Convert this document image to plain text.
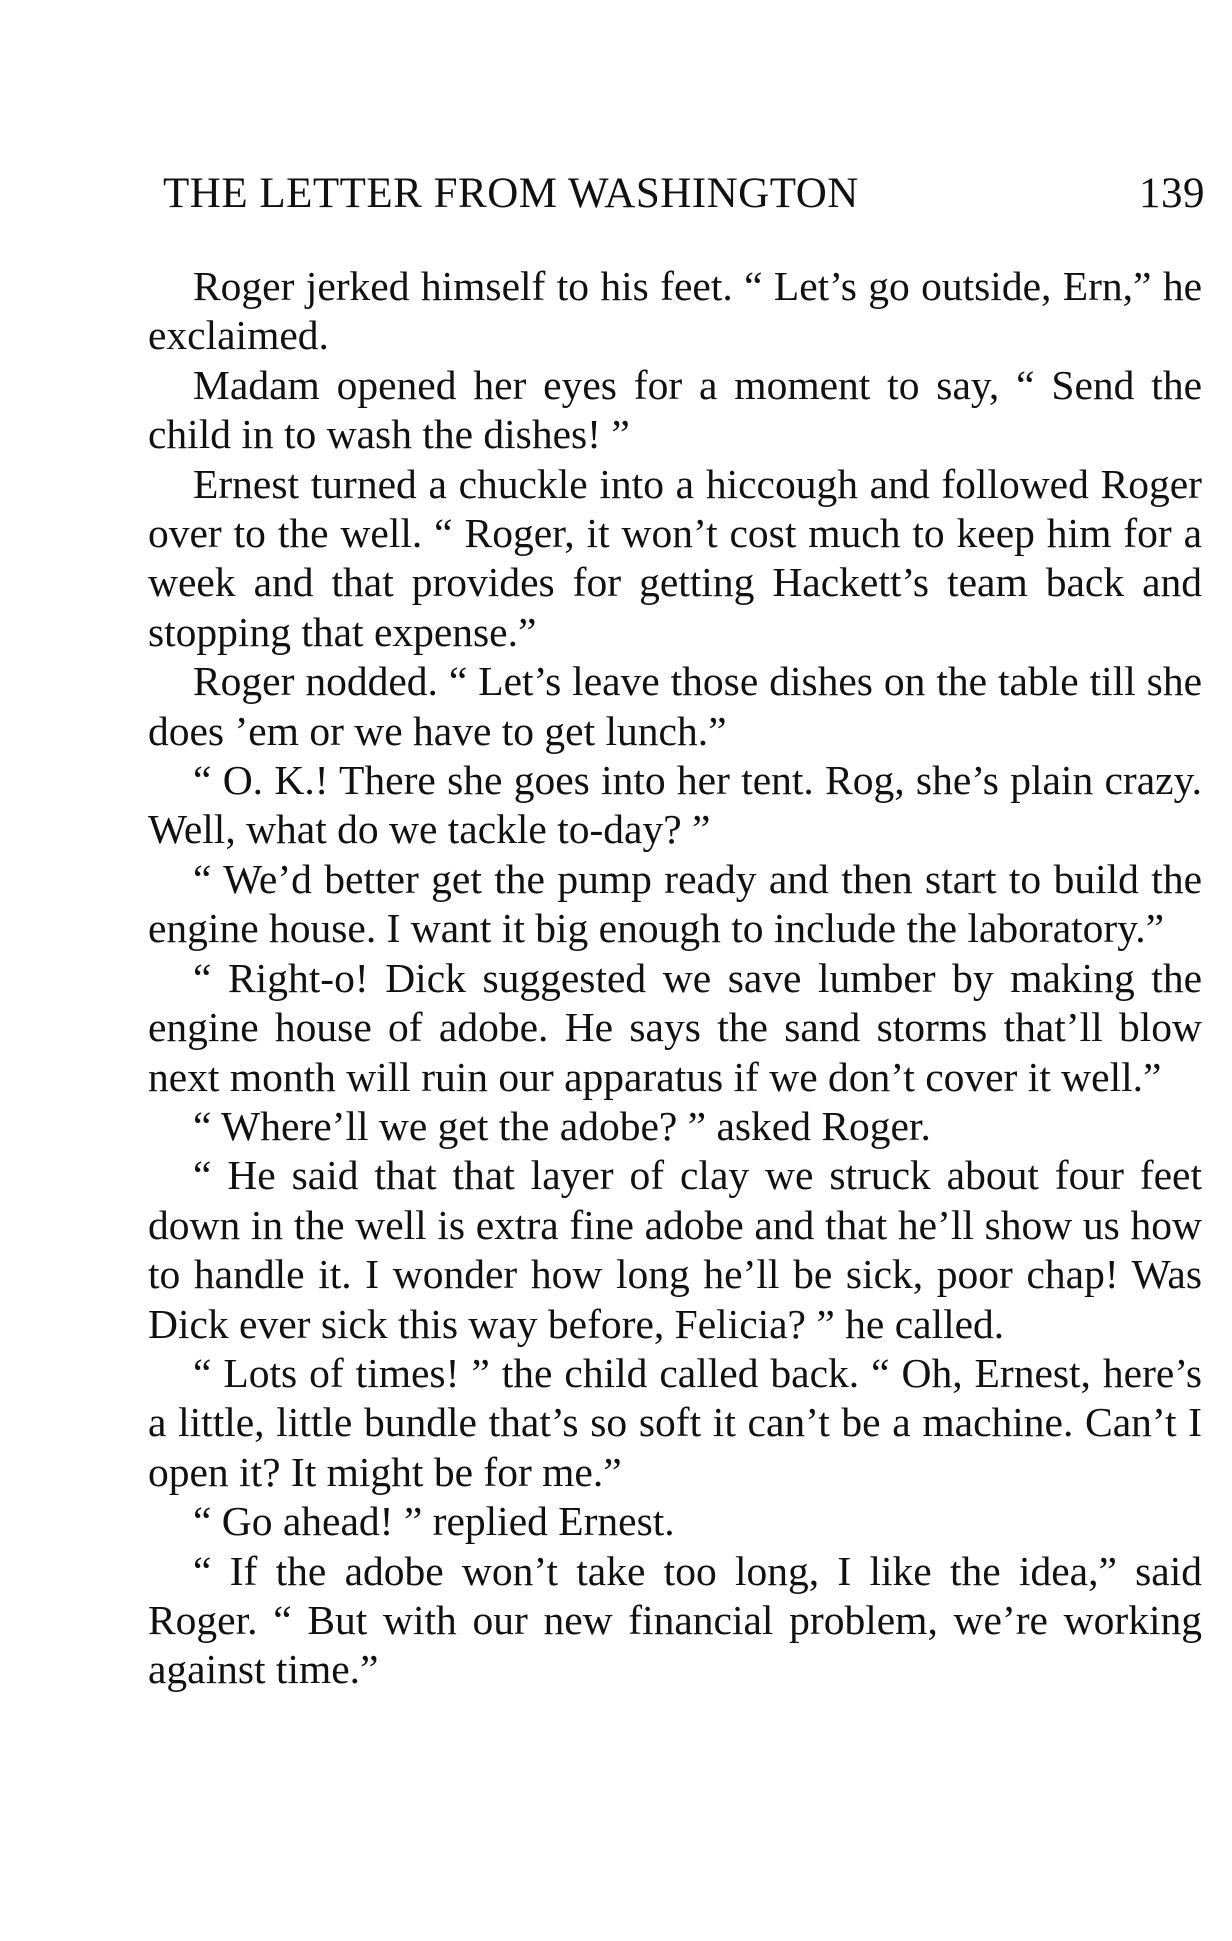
THE LETTER FROM WASHINGTON	139

Roger jerked himself to his feet. “ Let’s go outside, Ern,” he exclaimed.

Madam opened her eyes for a moment to say, “ Send the child in to wash the dishes! ”

Ernest turned a chuckle into a hiccough and followed Roger over to the well. “ Roger, it won’t cost much to keep him for a week and that provides for getting Hackett’s team back and stopping that expense.”

Roger nodded. “ Let’s leave those dishes on the table till she does ’em or we have to get lunch.”

“ O. K.! There she goes into her tent. Rog, she’s plain crazy. Well, what do we tackle to-day? ”

“ We’d better get the pump ready and then start to build the engine house. I want it big enough to include the laboratory.”

“ Right-o! Dick suggested we save lumber by making the engine house of adobe. He says the sand storms that’ll blow next month will ruin our apparatus if we don’t cover it well.”

“ Where’ll we get the adobe? ” asked Roger.

“ He said that that layer of clay we struck about four feet down in the well is extra fine adobe and that he’ll show us how to handle it. I wonder how long he’ll be sick, poor chap! Was Dick ever sick this way before, Felicia? ” he called.

“ Lots of times! ” the child called back. “ Oh, Ernest, here’s a little, little bundle that’s so soft it can’t be a machine. Can’t I open it? It might be for me.”

“ Go ahead! ” replied Ernest.

“ If the adobe won’t take too long, I like the idea,” said Roger. “ But with our new financial problem, we’re working against time.”
